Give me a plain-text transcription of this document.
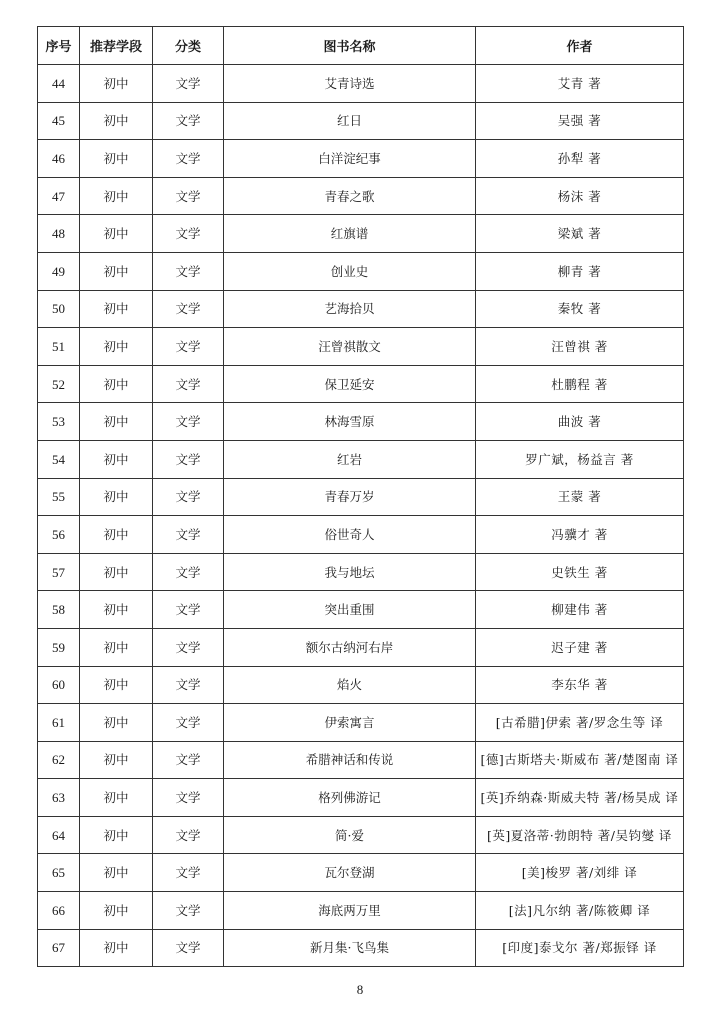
序号	推荐学段	分类	图书名称	作者
44	初中	文学	艾青诗选	艾青 著
45	初中	文学	红日	吴强 著
46	初中	文学	白洋淀纪事	孙犁 著
47	初中	文学	青春之歌	杨沫 著
48	初中	文学	红旗谱	梁斌 著
49	初中	文学	创业史	柳青 著
50	初中	文学	艺海拾贝	秦牧 著
51	初中	文学	汪曾祺散文	汪曾祺 著
52	初中	文学	保卫延安	杜鹏程 著
53	初中	文学	林海雪原	曲波 著
54	初中	文学	红岩	罗广斌，杨益言 著
55	初中	文学	青春万岁	王蒙 著
56	初中	文学	俗世奇人	冯骥才 著
57	初中	文学	我与地坛	史铁生 著
58	初中	文学	突出重围	柳建伟 著
59	初中	文学	额尔古纳河右岸	迟子建 著
60	初中	文学	焰火	李东华 著
61	初中	文学	伊索寓言	[古希腊]伊索 著/罗念生等 译
62	初中	文学	希腊神话和传说	[德]古斯塔夫·斯威布 著/楚图南 译
63	初中	文学	格列佛游记	[英]乔纳森·斯威夫特 著/杨昊成 译
64	初中	文学	简·爱	[英]夏洛蒂·勃朗特 著/吴钧燮 译
65	初中	文学	瓦尔登湖	[美]梭罗 著/刘绯 译
66	初中	文学	海底两万里	[法]凡尔纳 著/陈筱卿 译
67	初中	文学	新月集·飞鸟集	[印度]泰戈尔 著/郑振铎 译
8
